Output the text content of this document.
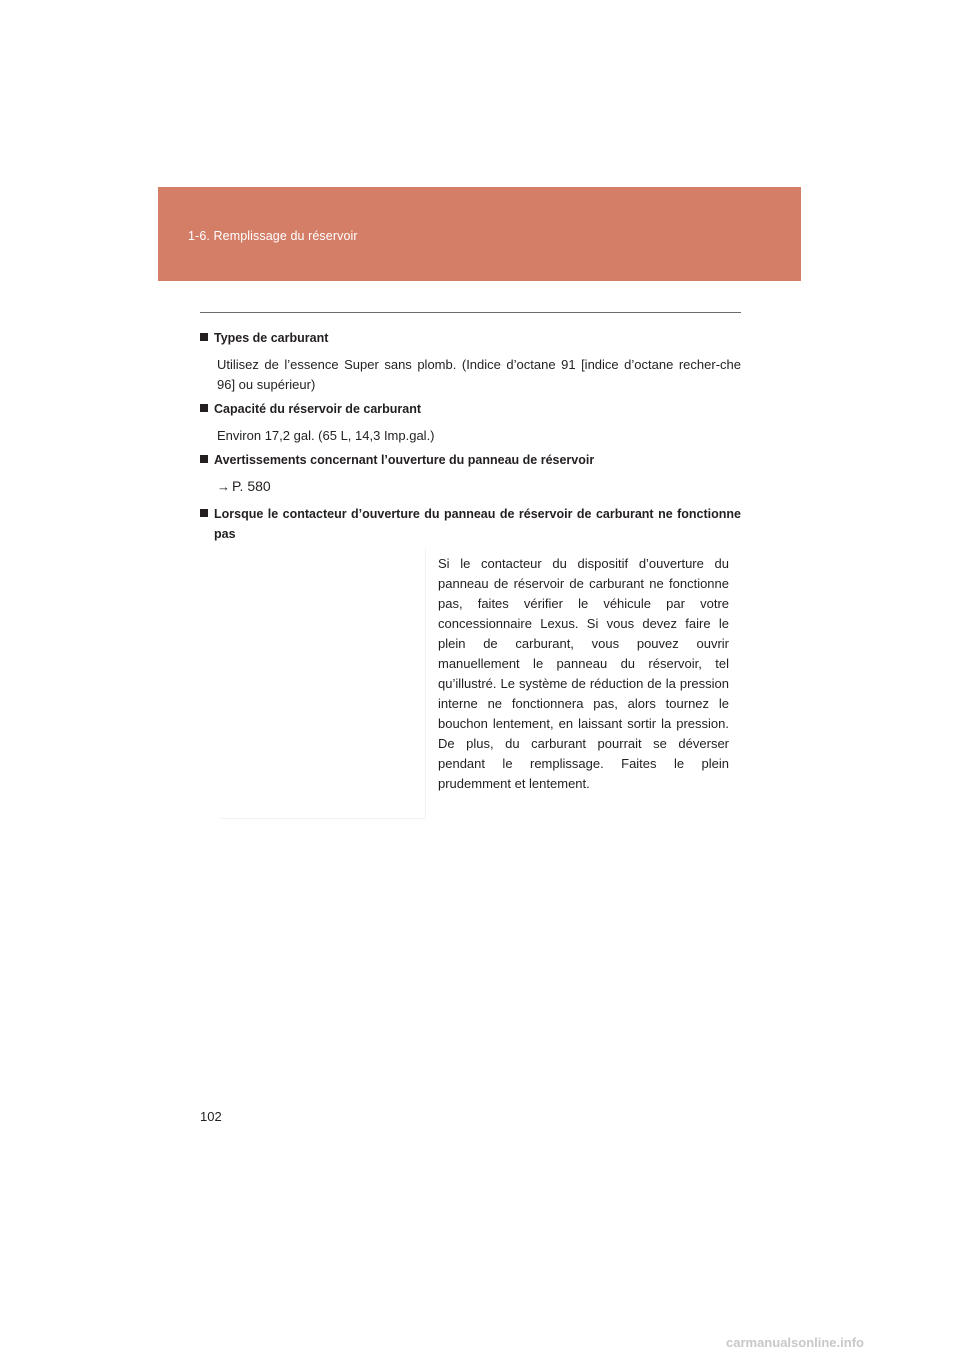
1-6. Remplissage du réservoir
Types de carburant
Utilisez de l’essence Super sans plomb. (Indice d’octane 91 [indice d’octane recher-che 96] ou supérieur)
Capacité du réservoir de carburant
Environ 17,2 gal. (65 L, 14,3 Imp.gal.)
Avertissements concernant l’ouverture du panneau de réservoir
→ P. 580
Lorsque le contacteur d’ouverture du panneau de réservoir de carburant ne fonctionne pas
Si le contacteur du dispositif d’ouverture du panneau de réservoir de carburant ne fonctionne pas, faites vérifier le véhicule par votre concessionnaire Lexus. Si vous devez faire le plein de carburant, vous pouvez ouvrir manuellement le panneau du réservoir, tel qu’illustré. Le système de réduction de la pression interne ne fonctionnera pas, alors tournez le bouchon lentement, en laissant sortir la pression. De plus, du carburant pourrait se déverser pendant le remplissage. Faites le plein prudemment et lentement.
102
carmanualsonline.info
